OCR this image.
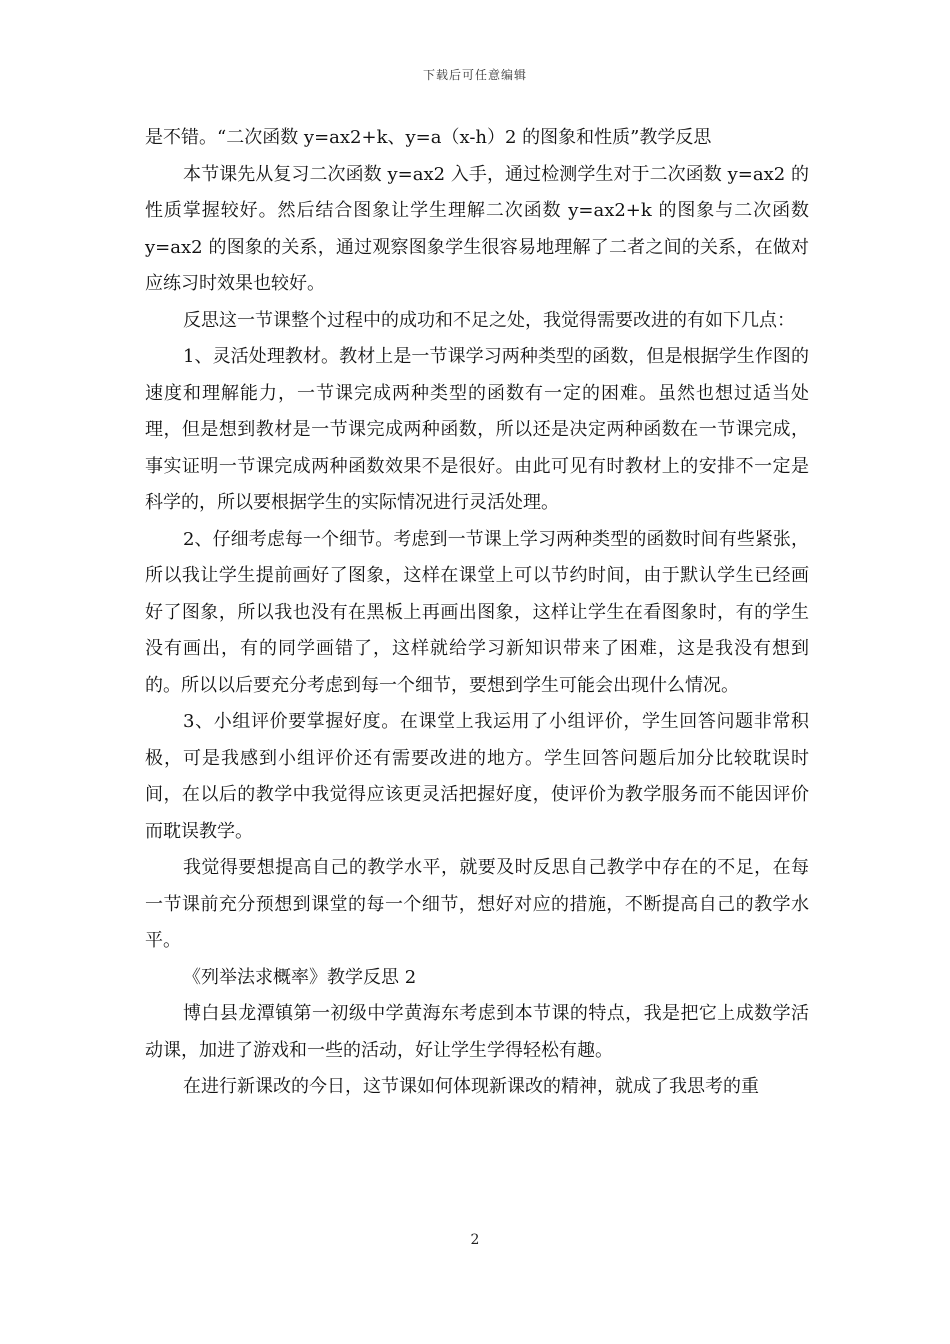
下载后可任意编辑

是不错。“二次函数 y=ax2+k、y=a（x-h）2 的图象和性质”教学反思

本节课先从复习二次函数 y=ax2 入手，通过检测学生对于二次函数 y=ax2 的性质掌握较好。然后结合图象让学生理解二次函数 y=ax2+k 的图象与二次函数 y=ax2 的图象的关系，通过观察图象学生很容易地理解了二者之间的关系，在做对应练习时效果也较好。

反思这一节课整个过程中的成功和不足之处，我觉得需要改进的有如下几点：

1、灵活处理教材。教材上是一节课学习两种类型的函数，但是根据学生作图的速度和理解能力，一节课完成两种类型的函数有一定的困难。虽然也想过适当处理，但是想到教材是一节课完成两种函数，所以还是决定两种函数在一节课完成，事实证明一节课完成两种函数效果不是很好。由此可见有时教材上的安排不一定是科学的，所以要根据学生的实际情况进行灵活处理。

2、仔细考虑每一个细节。考虑到一节课上学习两种类型的函数时间有些紧张，所以我让学生提前画好了图象，这样在课堂上可以节约时间，由于默认学生已经画好了图象，所以我也没有在黑板上再画出图象，这样让学生在看图象时，有的学生没有画出，有的同学画错了，这样就给学习新知识带来了困难，这是我没有想到的。所以以后要充分考虑到每一个细节，要想到学生可能会出现什么情况。

3、小组评价要掌握好度。在课堂上我运用了小组评价，学生回答问题非常积极，可是我感到小组评价还有需要改进的地方。学生回答问题后加分比较耽误时间，在以后的教学中我觉得应该更灵活把握好度，使评价为教学服务而不能因评价而耽误教学。

我觉得要想提高自己的教学水平，就要及时反思自己教学中存在的不足，在每一节课前充分预想到课堂的每一个细节，想好对应的措施，不断提高自己的教学水平。

《列举法求概率》教学反思 2

博白县龙潭镇第一初级中学黄海东考虑到本节课的特点，我是把它上成数学活动课，加进了游戏和一些的活动，好让学生学得轻松有趣。

在进行新课改的今日，这节课如何体现新课改的精神，就成了我思考的重

2
